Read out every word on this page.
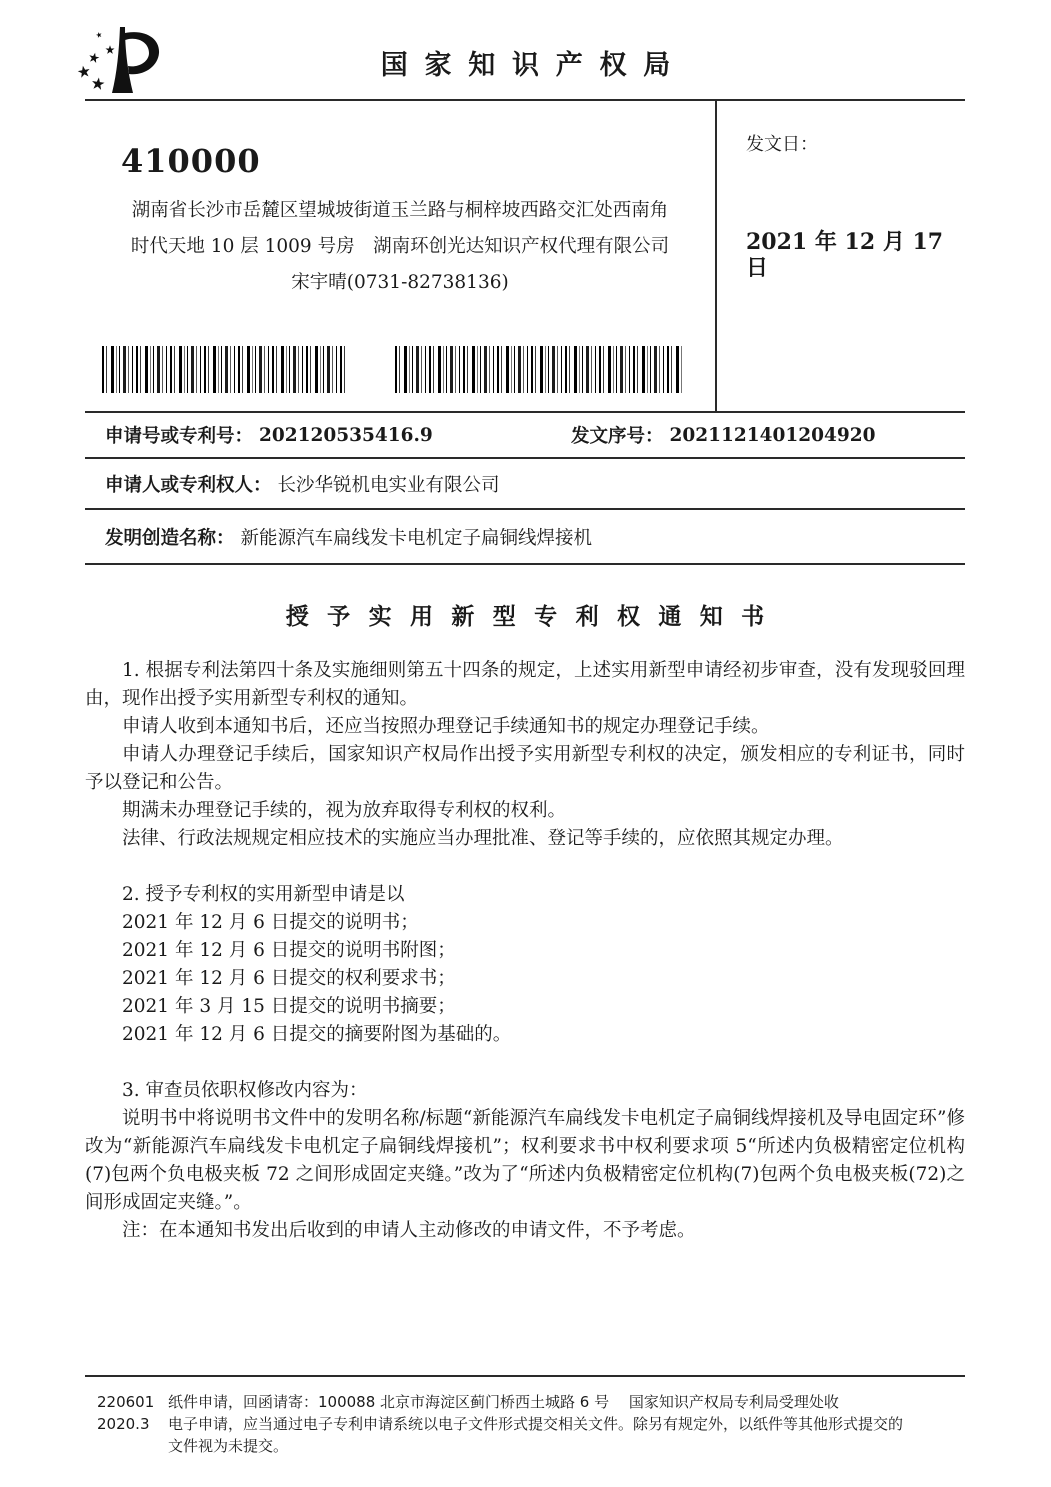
国家知识产权局
410000
湖南省长沙市岳麓区望城坡街道玉兰路与桐梓坡西路交汇处西南角
时代天地 10 层 1009 号房　湖南环创光达知识产权代理有限公司
宋宇晴(0731-82738136)
发文日：
2021 年 12 月 17 日
申请号或专利号： 202120535416.9	发文序号： 2021121401204920
申请人或专利权人： 长沙华锐机电实业有限公司
发明创造名称： 新能源汽车扁线发卡电机定子扁铜线焊接机
授予实用新型专利权通知书

1. 根据专利法第四十条及实施细则第五十四条的规定，上述实用新型申请经初步审查，没有发现驳回理由，现作出授予实用新型专利权的通知。

申请人收到本通知书后，还应当按照办理登记手续通知书的规定办理登记手续。

申请人办理登记手续后，国家知识产权局作出授予实用新型专利权的决定，颁发相应的专利证书，同时予以登记和公告。

期满未办理登记手续的，视为放弃取得专利权的权利。

法律、行政法规规定相应技术的实施应当办理批准、登记等手续的，应依照其规定办理。

2. 授予专利权的实用新型申请是以

2021 年 12 月 6 日提交的说明书；
2021 年 12 月 6 日提交的说明书附图；
2021 年 12 月 6 日提交的权利要求书；
2021 年 3 月 15 日提交的说明书摘要；
2021 年 12 月 6 日提交的摘要附图为基础的。

3. 审查员依职权修改内容为：

说明书中将说明书文件中的发明名称/标题“新能源汽车扁线发卡电机定子扁铜线焊接机及导电固定环”修改为“新能源汽车扁线发卡电机定子扁铜线焊接机”；权利要求书中权利要求项 5“所述内负极精密定位机构(7)包两个负电极夹板 72 之间形成固定夹缝。”改为了“所述内负极精密定位机构(7)包两个负电极夹板(72)之间形成固定夹缝。”。

注：在本通知书发出后收到的申请人主动修改的申请文件，不予考虑。

220601
2020.3
纸件申请，回函请寄：100088 北京市海淀区蓟门桥西土城路 6 号　 国家知识产权局专利局受理处收
电子申请，应当通过电子专利申请系统以电子文件形式提交相关文件。除另有规定外，以纸件等其他形式提交的
文件视为未提交。
